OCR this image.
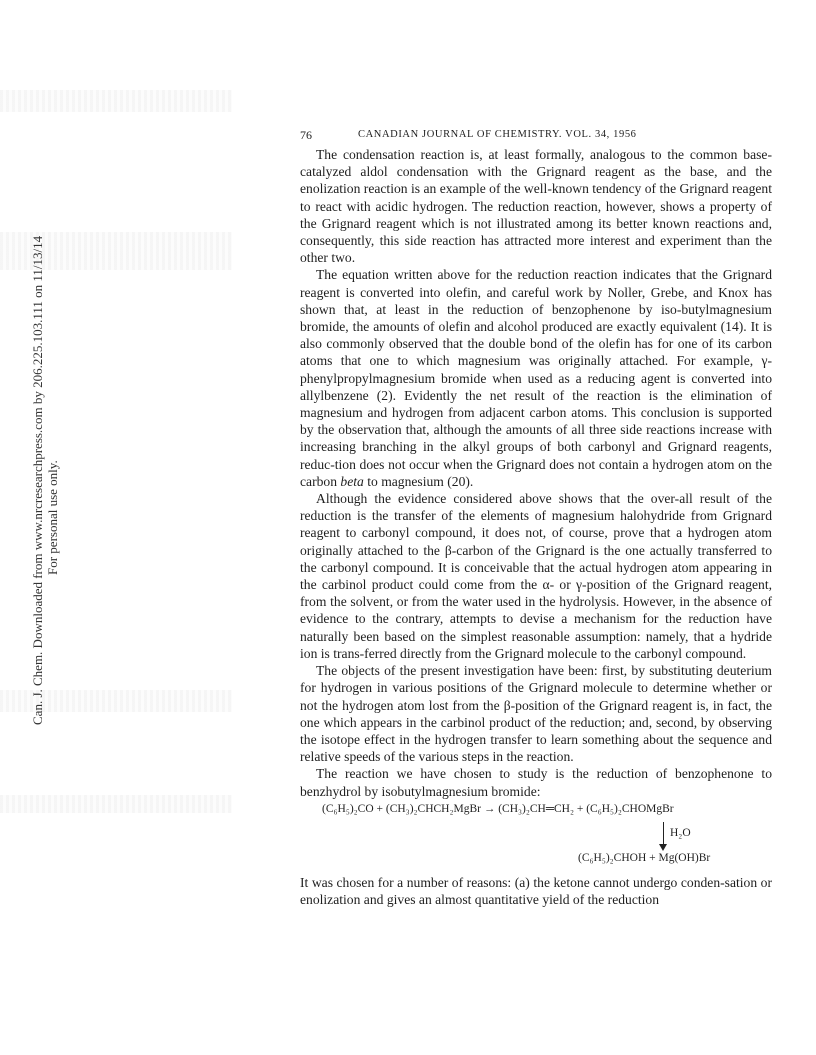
Can. J. Chem. Downloaded from www.nrcresearchpress.com by 206.225.103.111 on 11/13/14 For personal use only.
76	CANADIAN JOURNAL OF CHEMISTRY. VOL. 34, 1956

The condensation reaction is, at least formally, analogous to the common base-catalyzed aldol condensation with the Grignard reagent as the base, and the enolization reaction is an example of the well-known tendency of the Grignard reagent to react with acidic hydrogen. The reduction reaction, however, shows a property of the Grignard reagent which is not illustrated among its better known reactions and, consequently, this side reaction has attracted more interest and experiment than the other two.

The equation written above for the reduction reaction indicates that the Grignard reagent is converted into olefin, and careful work by Noller, Grebe, and Knox has shown that, at least in the reduction of benzophenone by iso-butylmagnesium bromide, the amounts of olefin and alcohol produced are exactly equivalent (14). It is also commonly observed that the double bond of the olefin has for one of its carbon atoms that one to which magnesium was originally attached. For example, γ-phenylpropylmagnesium bromide when used as a reducing agent is converted into allylbenzene (2). Evidently the net result of the reaction is the elimination of magnesium and hydrogen from adjacent carbon atoms. This conclusion is supported by the observation that, although the amounts of all three side reactions increase with increasing branching in the alkyl groups of both carbonyl and Grignard reagents, reduc-tion does not occur when the Grignard does not contain a hydrogen atom on the carbon beta to magnesium (20).

Although the evidence considered above shows that the over-all result of the reduction is the transfer of the elements of magnesium halohydride from Grignard reagent to carbonyl compound, it does not, of course, prove that a hydrogen atom originally attached to the β-carbon of the Grignard is the one actually transferred to the carbonyl compound. It is conceivable that the actual hydrogen atom appearing in the carbinol product could come from the α- or γ-position of the Grignard reagent, from the solvent, or from the water used in the hydrolysis. However, in the absence of evidence to the contrary, attempts to devise a mechanism for the reduction have naturally been based on the simplest reasonable assumption: namely, that a hydride ion is trans-ferred directly from the Grignard molecule to the carbonyl compound.

The objects of the present investigation have been: first, by substituting deuterium for hydrogen in various positions of the Grignard molecule to determine whether or not the hydrogen atom lost from the β-position of the Grignard reagent is, in fact, the one which appears in the carbinol product of the reduction; and, second, by observing the isotope effect in the hydrogen transfer to learn something about the sequence and relative speeds of the various steps in the reaction.

The reaction we have chosen to study is the reduction of benzophenone to benzhydrol by isobutylmagnesium bromide:

(C₆H₅)₂CO + (CH₃)₂CHCH₂MgBr → (CH₃)₂CH═CH₂ + (C₆H₅)₂CHOMgBr
H₂O
(C₆H₅)₂CHOH + Mg(OH)Br

It was chosen for a number of reasons: (a) the ketone cannot undergo conden-sation or enolization and gives an almost quantitative yield of the reduction
